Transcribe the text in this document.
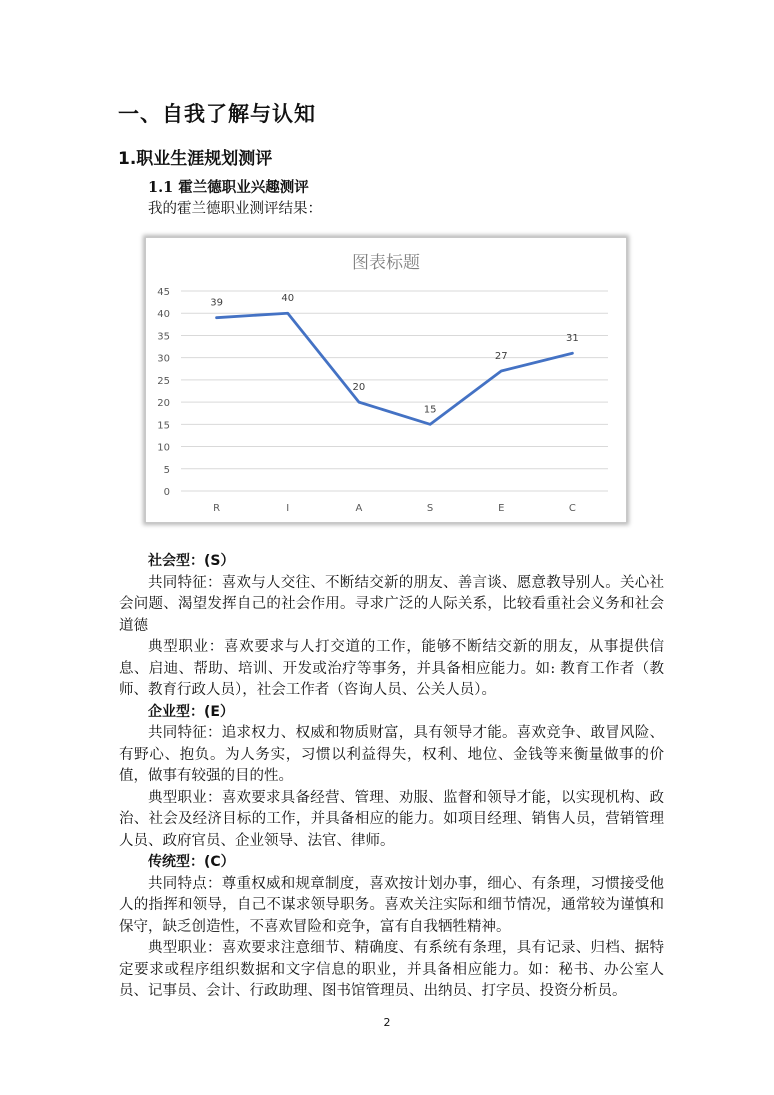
一、自我了解与认知
1.职业生涯规划测评
1.1 霍兰德职业兴趣测评
我的霍兰德职业测评结果：
图表标题
0
5
10
15
20
25
30
35
40
45
R	I	A	S	E	C
39	40
20
15
27
31
社会型：(S）

共同特征：喜欢与人交往、不断结交新的朋友、善言谈、愿意教导别人。关心社会问题、渴望发挥自己的社会作用。寻求广泛的人际关系，比较看重社会义务和社会道德

典型职业：喜欢要求与人打交道的工作，能够不断结交新的朋友，从事提供信息、启迪、帮助、培训、开发或治疗等事务，并具备相应能力。如: 教育工作者（教师、教育行政人员），社会工作者（咨询人员、公关人员）。

企业型：(E）

共同特征：追求权力、权威和物质财富，具有领导才能。喜欢竞争、敢冒风险、有野心、抱负。为人务实，习惯以利益得失，权利、地位、金钱等来衡量做事的价值，做事有较强的目的性。

典型职业：喜欢要求具备经营、管理、劝服、监督和领导才能，以实现机构、政治、社会及经济目标的工作，并具备相应的能力。如项目经理、销售人员，营销管理人员、政府官员、企业领导、法官、律师。

传统型：(C）

共同特点：尊重权威和规章制度，喜欢按计划办事，细心、有条理，习惯接受他人的指挥和领导，自己不谋求领导职务。喜欢关注实际和细节情况，通常较为谨慎和保守，缺乏创造性，不喜欢冒险和竞争，富有自我牺牲精神。

典型职业：喜欢要求注意细节、精确度、有系统有条理，具有记录、归档、据特定要求或程序组织数据和文字信息的职业，并具备相应能力。如：秘书、办公室人员、记事员、会计、行政助理、图书馆管理员、出纳员、打字员、投资分析员。

2
